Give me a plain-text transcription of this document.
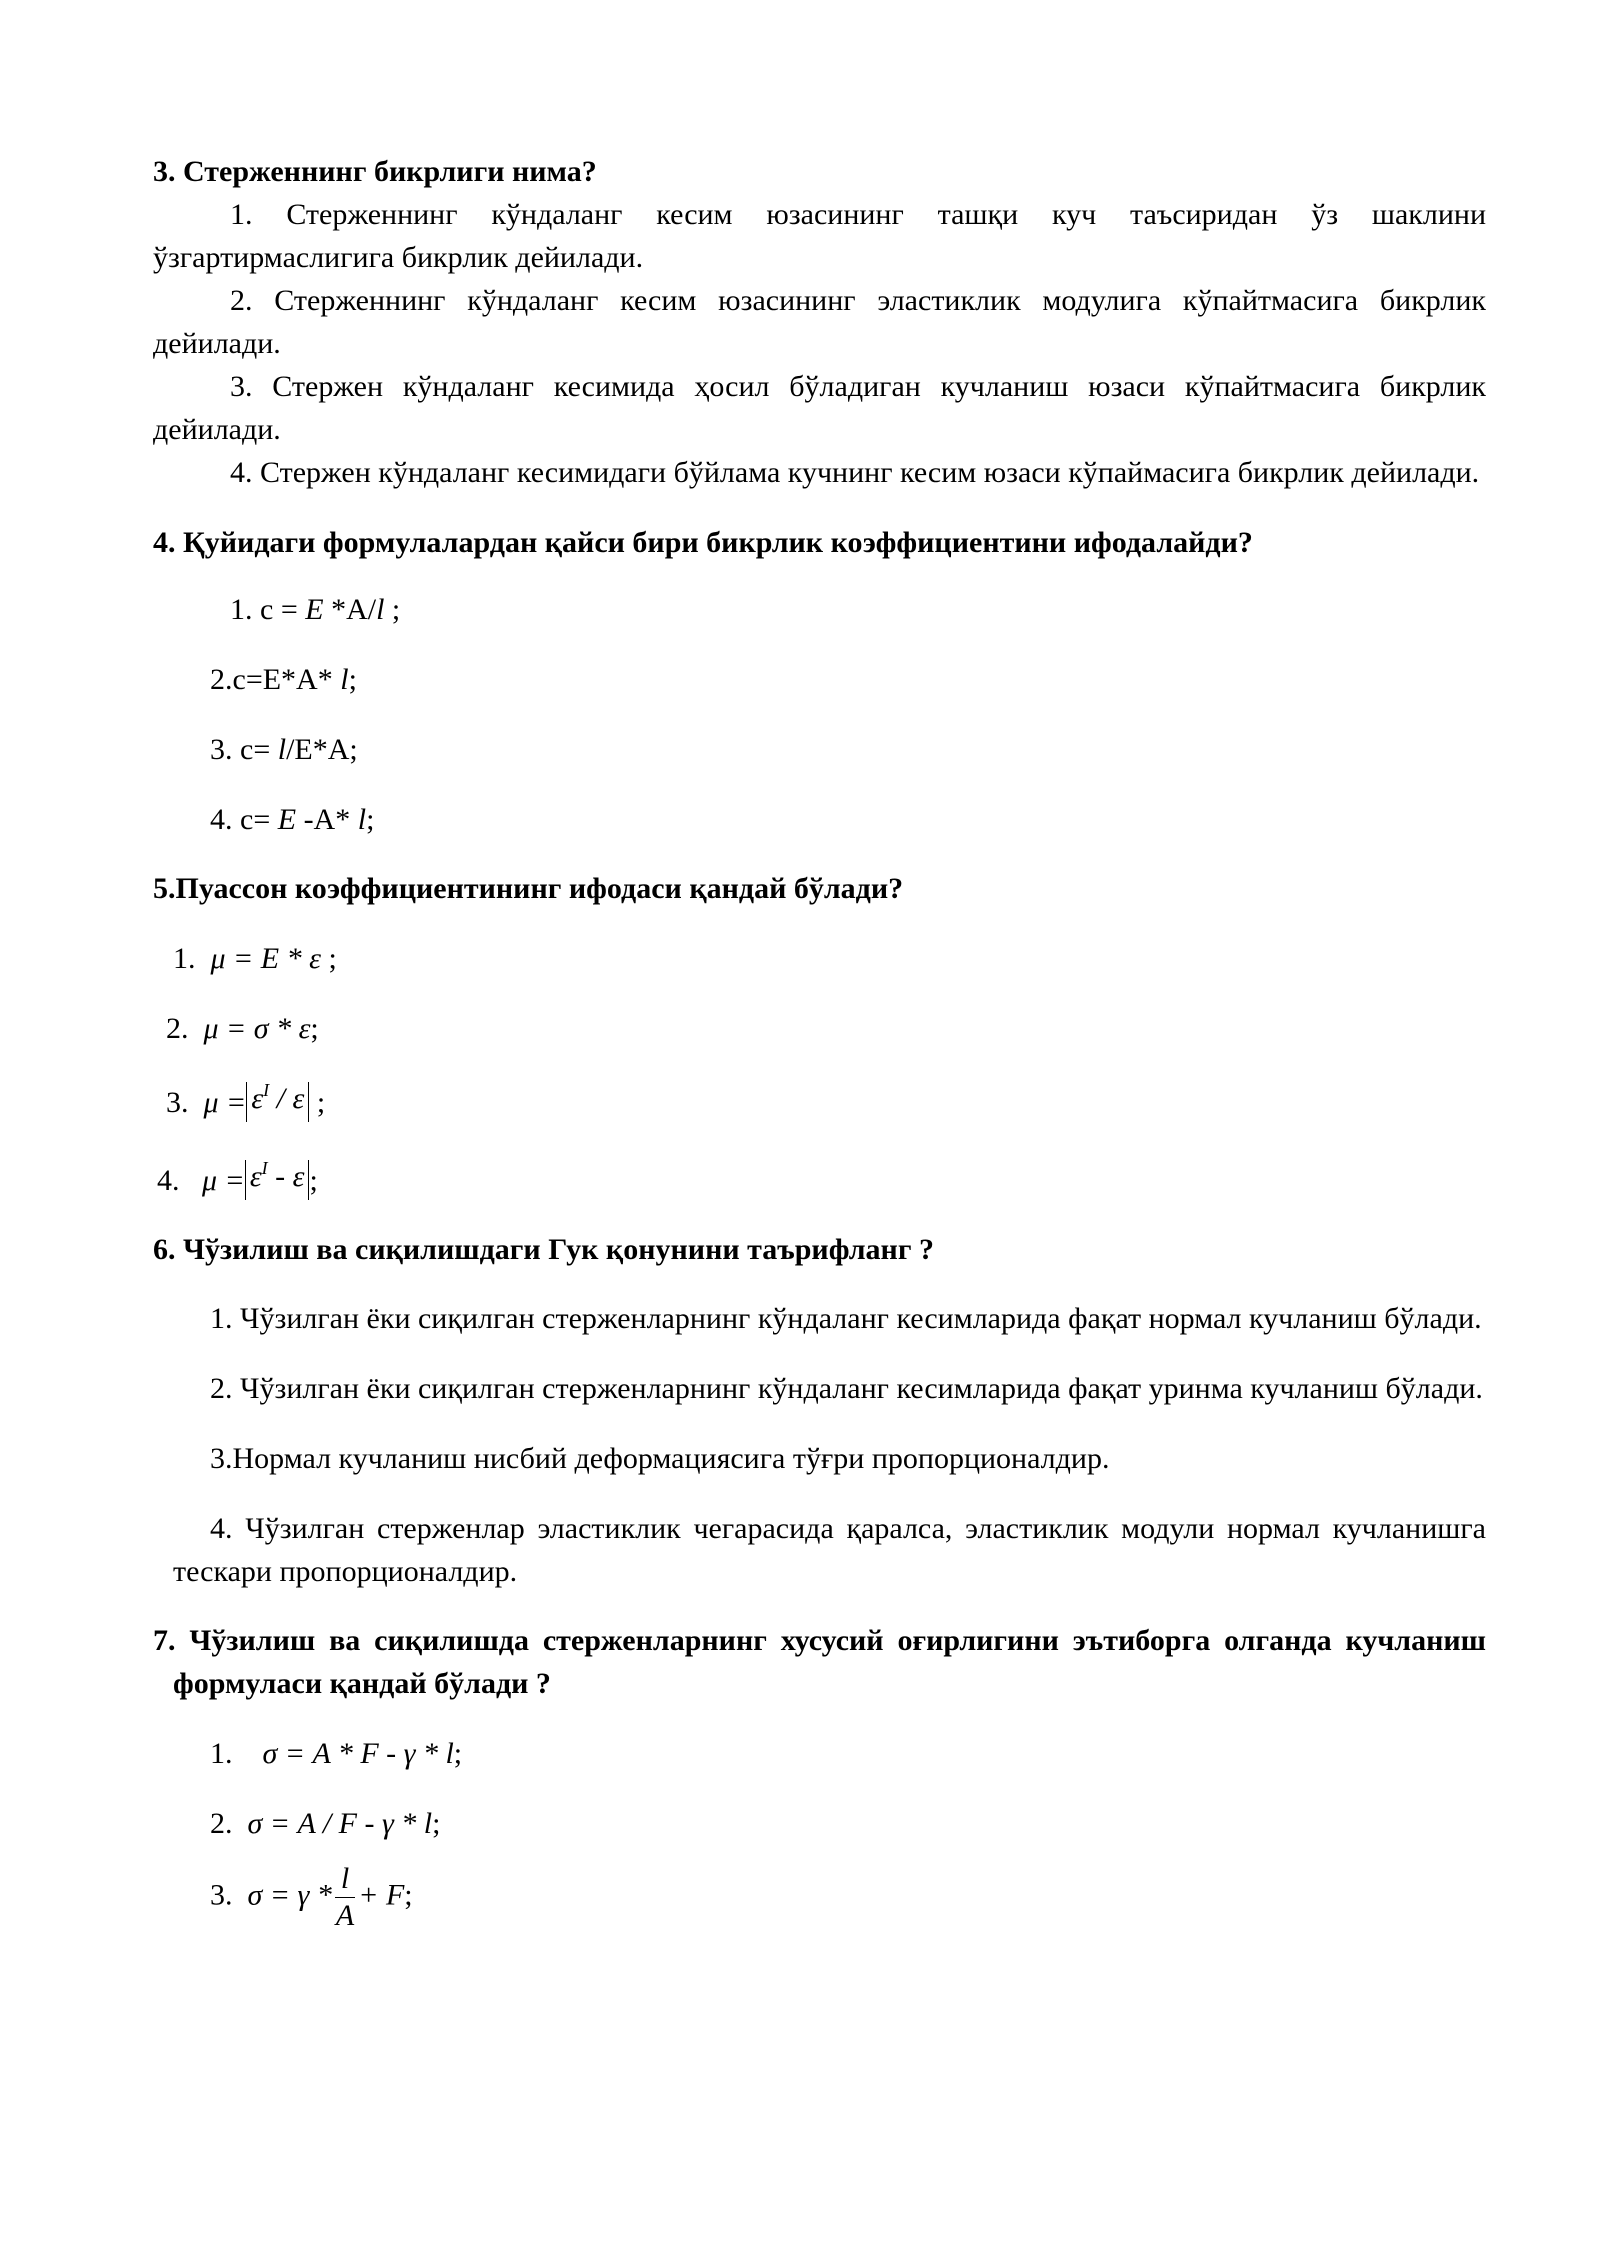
3. Стерженнинг бикрлиги нима?

1. Стерженнинг кўндаланг кесим юзасининг ташқи куч таъсиридан ўз шаклини ўзгартирмаслигига бикрлик дейилади.

2. Стерженнинг кўндаланг кесим юзасининг эластиклик модулига кўпайтмасига бикрлик дейилади.

3. Стержен кўндаланг кесимида ҳосил бўладиган кучланиш юзаси кўпайтмасига бикрлик дейилади.

4. Стержен кўндаланг кесимидаги бўйлама кучнинг кесим юзаси кўпаймасига бикрлик дейилади.

4. Қуйидаги формулалардан қайси бири бикрлик коэффициентини ифодалайди?

1. c = E *A/l ;

2.c=E*A* l;

3. c= l/E*A;

4. c= E -A* l;

5.Пуассон коэффициентининг ифодаси қандай бўлади?

1. μ = E * ε ;

2. μ = σ * ε;

3. $\mu = \varepsilon^I / \varepsilon$ ;

4. $\mu = \varepsilon^I - \varepsilon$ ;

6. Чўзилиш ва сиқилишдаги Гук қонунини таърифланг ?

1. Чўзилган ёки сиқилган стерженларнинг кўндаланг кесимларида фақат нормал кучланиш бўлади.

2. Чўзилган ёки сиқилган стерженларнинг кўндаланг кесимларида фақат уринма кучланиш бўлади.

3.Нормал кучланиш нисбий деформациясига тўғри пропорционалдир.

4. Чўзилган стерженлар эластиклик чегарасида қаралса, эластиклик модули нормал кучланишга тескари пропорционалдир.

7. Чўзилиш ва сиқилишда стерженларнинг хусусий оғирлигини эътиборга олганда кучланиш формуласи қандай бўлади ?

1. σ = A * F - γ * l;

2. σ = A / F - γ * l;

3. $\sigma = \gamma * \frac{l}{A} + F$;
